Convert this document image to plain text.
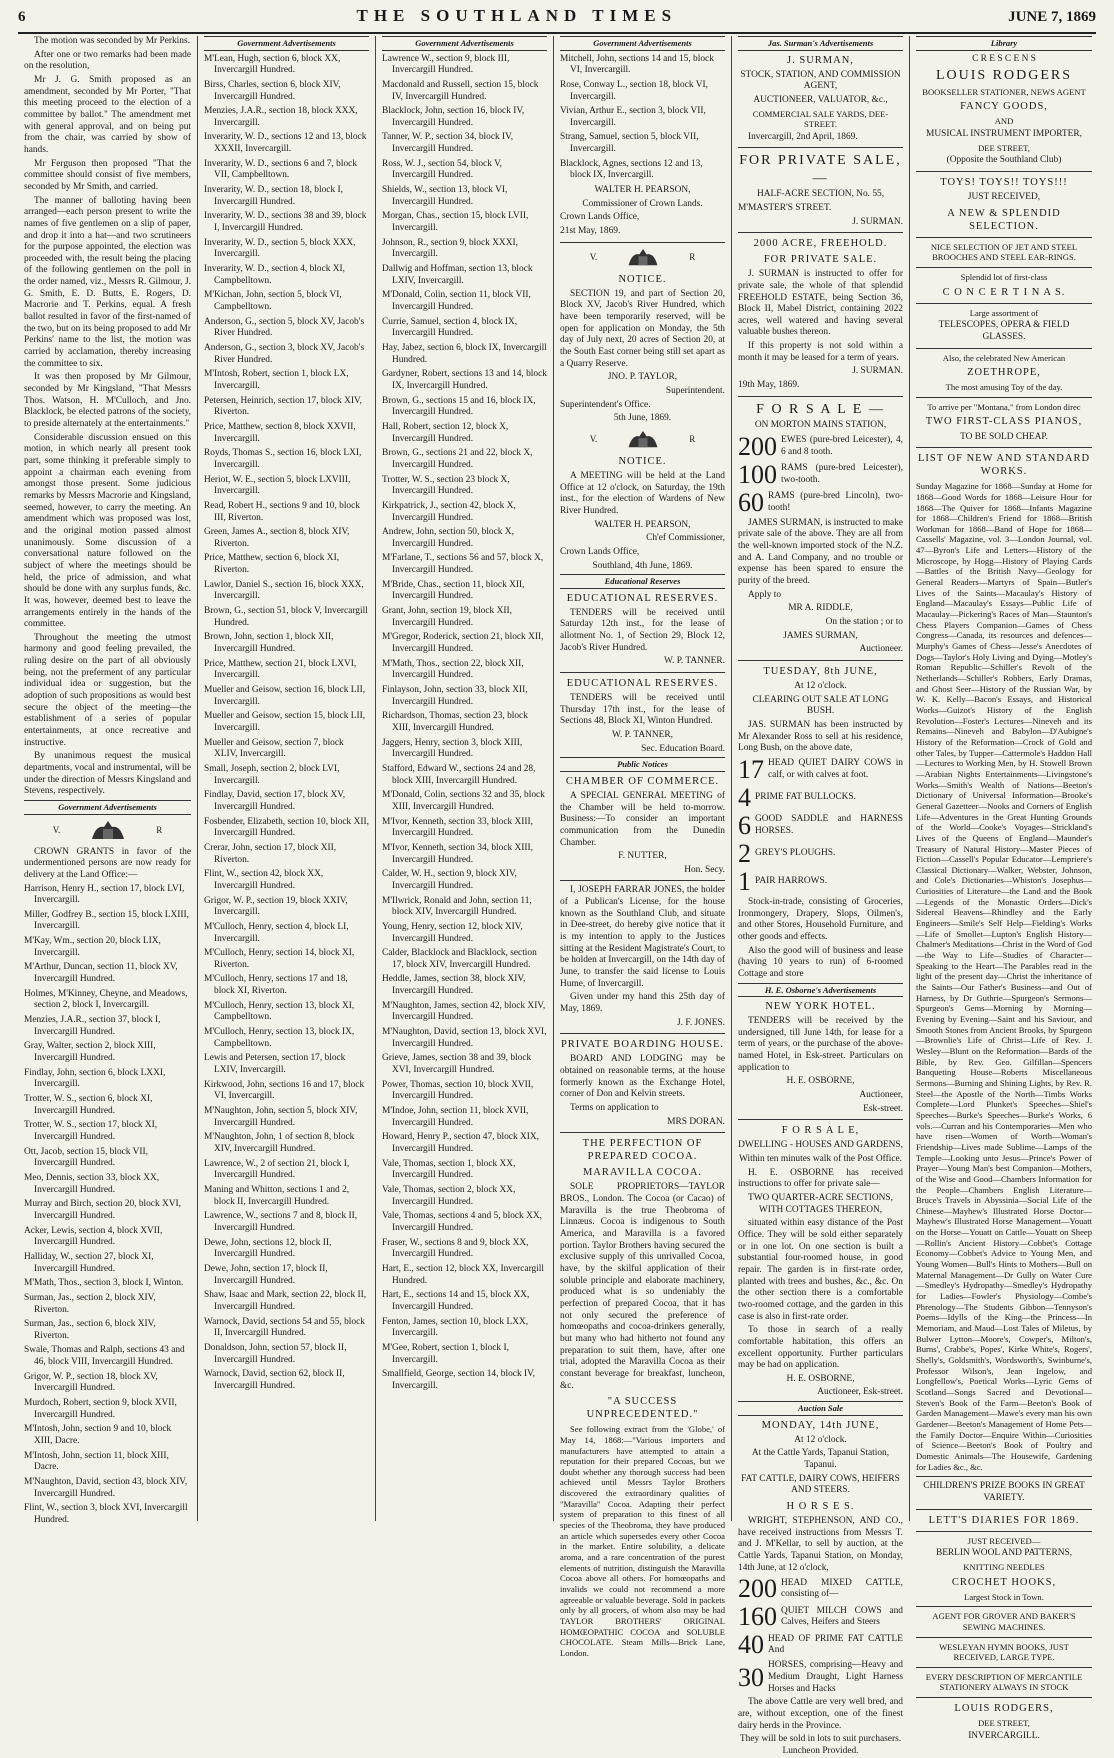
6	THE SOUTHLAND TIMES	JUNE 7, 1869

The motion was seconded by Mr Perkins.

After one or two remarks had been made on the resolution,

Mr J. G. Smith proposed as an amendment, seconded by Mr Porter, "That this meeting proceed to the election of a committee by ballot." The amendment met with general approval, and on being put from the chair, was carried by show of hands.

Mr Ferguson then proposed "That the committee should consist of five members, seconded by Mr Smith, and carried.

The manner of balloting having been arranged—each person present to write the names of five gentlemen on a slip of paper, and drop it into a hat—and two scrutineers for the purpose appointed, the election was proceeded with, the result being the placing of the following gentlemen on the poll in the order named, viz., Messrs R. Gilmour, J. G. Smith, E. D. Butts, E. Rogers, D. Macrorie and T. Perkins, equal. A fresh ballot resulted in favor of the first-named of the two, but on its being proposed to add Mr Perkins' name to the list, the motion was carried by acclamation, thereby increasing the committee to six.

It was then proposed by Mr Gilmour, seconded by Mr Kingsland, "That Messrs Thos. Watson, H. M'Culloch, and Jno. Blacklock, be elected patrons of the society, to preside alternately at the entertainments."

Considerable discussion ensued on this motion, in which nearly all present took part, some thinking it preferable simply to appoint a chairman each evening from amongst those present. Some judicious remarks by Messrs Macrorie and Kingsland, seemed, however, to carry the meeting. An amendment which was proposed was lost, and the original motion passed almost unanimously. Some discussion of a conversational nature followed on the subject of where the meetings should be held, the price of admission, and what should be done with any surplus funds, &c. It was, however, deemed best to leave the arrangements entirely in the hands of the committee.

Throughout the meeting the utmost harmony and good feeling prevailed, the ruling desire on the part of all obviously being, not the preferment of any particular individual idea or suggestion, but the adoption of such propositions as would best secure the object of the meeting—the establishment of a series of popular entertainments, at once recreative and instructive.

By unanimous request the musical departments, vocal and instrumental, will be under the direction of Messrs Kingsland and Stevens, respectively.

Government Advertisements
V.	R

CROWN GRANTS in favor of the undermentioned persons are now ready for delivery at the Land Office:—

Harrison, Henry H., section 17, block LVI, Invercargill.

Miller, Godfrey B., section 15, block LXIII, Invercargill.

M'Kay, Wm., section 20, block LIX, Invercargill.

M'Arthur, Duncan, section 11, block XV, Invercargill Hundred.

Holmes, M'Kinney, Cheyne, and Meadows, section 2, block I, Invercargill.

Menzies, J.A.R., section 37, block I, Invercargill Hundred.

Gray, Walter, section 2, block XIII, Invercargill Hundred.

Findlay, John, section 6, block LXXI, Invercargill.

Trotter, W. S., section 6, block XI, Invercargill Hundred.

Trotter, W. S., section 17, block XI, Invercargill Hundred.

Ott, Jacob, section 15, block VII, Invercargill Hundred.

Meo, Dennis, section 33, block XX, Invercargill Hundred.

Murray and Birch, section 20, block XVI, Invercargill Hundred.

Acker, Lewis, section 4, block XVII, Invercargill Hundred.

Halliday, W., section 27, block XI, Invercargill Hundred.

M'Math, Thos., section 3, block I, Winton.

Surman, Jas., section 2, block XIV, Riverton.

Surman, Jas., section 6, block XIV, Riverton.

Swale, Thomas and Ralph, sections 43 and 46, block VIII, Invercargill Hundred.

Grigor, W. P., section 18, block XV, Invercargill Hundred.

Murdoch, Robert, section 9, block XVII, Invercargill Hundred.

M'Intosh, John, section 9 and 10, block XIII, Dacre.

M'Intosh, John, section 11, block XIII, Dacre.

M'Naughton, David, section 43, block XIV, Invercargill Hundred.

Flint, W., section 3, block XVI, Invercargill Hundred.

Government Advertisements

M'Lean, Hugh, section 6, block XX, Invercargill Hundred.

Birss, Charles, section 6, block XIV, Invercargill Hundred.

Menzies, J.A.R., section 18, block XXX, Invercargill.

Inverarity, W. D., sections 12 and 13, block XXXII, Invercargill.

Inverarity, W. D., sections 6 and 7, block VII, Campbelltown.

Inverarity, W. D., section 18, block I, Invercargill Hundred.

Inverarity, W. D., sections 38 and 39, block I, Invercargill Hundred.

Inverarity, W. D., section 5, block XXX, Invercargill.

Inverarity, W. D., section 4, block XI, Campbelltown.

M'Kichan, John, section 5, block VI, Campbelltown.

Anderson, G., section 5, block XV, Jacob's River Hundred.

Anderson, G., section 3, block XV, Jacob's River Hundred.

M'Intosh, Robert, section 1, block LX, Invercargill.

Petersen, Heinrich, section 17, block XIV, Riverton.

Price, Matthew, section 8, block XXVII, Invercargill.

Royds, Thomas S., section 16, block LXI, Invercargill.

Heriot, W. E., section 5, block LXVIII, Invercargill.

Read, Robert H., sections 9 and 10, block III, Riverton.

Green, James A., section 8, block XIV, Riverton.

Price, Matthew, section 6, block XI, Riverton.

Lawlor, Daniel S., section 16, block XXX, Invercargill.

Brown, G., section 51, block V, Invercargill Hundred.

Brown, John, section 1, block XII, Invercargill Hundred.

Price, Matthew, section 21, block LXVI, Invercargill.

Mueller and Geisow, section 16, block LII, Invercargill.

Mueller and Geisow, section 15, block LII, Invercargill.

Mueller and Geisow, section 7, block XLIV, Invercargill.

Small, Joseph, section 2, block LVI, Invercargill.

Findlay, David, section 17, block XV, Invercargill Hundred.

Fosbender, Elizabeth, section 10, block XII, Invercargill Hundred.

Crerar, John, section 17, block XII, Riverton.

Flint, W., section 42, block XX, Invercargill Hundred.

Grigor, W. P., section 19, block XXIV, Invercargill.

M'Culloch, Henry, section 4, block LI, Invercargill.

M'Culloch, Henry, section 14, block XI, Riverton.

M'Culloch, Henry, sections 17 and 18, block XI, Riverton.

M'Culloch, Henry, section 13, block XI, Campbelltown.

M'Culloch, Henry, section 13, block IX, Campbelltown.

Lewis and Petersen, section 17, block LXIV, Invercargill.

Kirkwood, John, sections 16 and 17, block VI, Invercargill.

M'Naughton, John, section 5, block XIV, Invercargill Hundred.

M'Naughton, John, 1 of section 8, block XIV, Invercargill Hundred.

Lawrence, W., 2 of section 21, block I, Invercargill Hundred.

Maning and Whitton, sections 1 and 2, block II, Invercargill Hundred.

Lawrence, W., sections 7 and 8, block II, Invercargill Hundred.

Dewe, John, sections 12, block II, Invercargill Hundred.

Dewe, John, section 17, block II, Invercargill Hundred.

Shaw, Isaac and Mark, section 22, block II, Invercargill Hundred.

Warnock, David, sections 54 and 55, block II, Invercargill Hundred.

Donaldson, John, section 57, block II, Invercargill Hundred.

Warnock, David, section 62, block II, Invercargill Hundred.

Government Advertisements

Lawrence W., section 9, block III, Invercargill Hundred.

Macdonald and Russell, section 15, block IV, Invercargill Hundred.

Blacklock, John, section 16, block IV, Invercargill Hundred.

Tanner, W. P., section 34, block IV, Invercargill Hundred.

Ross, W. J., section 54, block V, Invercargill Hundred.

Shields, W., section 13, block VI, Invercargill Hundred.

Morgan, Chas., section 15, block LVII, Invercargill.

Johnson, R., section 9, block XXXI, Invercargill.

Dallwig and Hoffman, section 13, block LXIV, Invercargill.

M'Donald, Colin, section 11, block VII, Invercargill Hundred.

Currie, Samuel, section 4, block IX, Invercargill Hundred.

Hay, Jabez, section 6, block IX, Invercargill Hundred.

Gardyner, Robert, sections 13 and 14, block IX, Invercargill Hundred.

Brown, G., sections 15 and 16, block IX, Invercargill Hundred.

Hall, Robert, section 12, block X, Invercargill Hundred.

Brown, G., sections 21 and 22, block X, Invercargill Hundred.

Trotter, W. S., section 23 block X, Invercargill Hundred.

Kirkpatrick, J., section 42, block X, Invercargill Hundred.

Andrew, John, section 50, block X, Invercargill Hundred.

M'Farlane, T., sections 56 and 57, block X, Invercargill Hundred.

M'Bride, Chas., section 11, block XII, Invercargill Hundred.

Grant, John, section 19, block XII, Invercargill Hundred.

M'Gregor, Roderick, section 21, block XII, Invercargill Hundred.

M'Math, Thos., section 22, block XII, Invercargill Hundred.

Finlayson, John, section 33, block XII, Invercargill Hundred.

Richardson, Thomas, section 23, block XIII, Invercargill Hundred.

Jaggers, Henry, section 3, block XIII, Invercargill Hundred.

Stafford, Edward W., sections 24 and 28, block XIII, Invercargill Hundred.

M'Donald, Colin, sections 32 and 35, block XIII, Invercargill Hundred.

M'Ivor, Kenneth, section 33, block XIII, Invercargill Hundred.

M'Ivor, Kenneth, section 34, block XIII, Invercargill Hundred.

Calder, W. H., section 9, block XIV, Invercargill Hundred.

M'Ilwrick, Ronald and John, section 11, block XIV, Invercargill Hundred.

Young, Henry, section 12, block XIV, Invercargill Hundred.

Calder, Blacklock and Blacklock, section 17, block XIV, Invercargill Hundred.

Heddle, James, section 38, block XIV, Invercargill Hundred.

M'Naughton, James, section 42, block XIV, Invercargill Hundred.

M'Naughton, David, section 13, block XVI, Invercargill Hundred.

Grieve, James, section 38 and 39, block XVI, Invercargill Hundred.

Power, Thomas, section 10, block XVII, Invercargill Hundred.

M'Indoe, John, section 11, block XVII, Invercargill Hundred.

Howard, Henry P., section 47, block XIX, Invercargill Hundred.

Vale, Thomas, section 1, block XX, Invercargill Hundred.

Vale, Thomas, section 2, block XX, Invercargill Hundred.

Vale, Thomas, sections 4 and 5, block XX, Invercargill Hundred.

Fraser, W., sections 8 and 9, block XX, Invercargill Hundred.

Hart, E., section 12, block XX, Invercargill Hundred.

Hart, E., sections 14 and 15, block XX, Invercargill Hundred.

Fenton, James, section 10, block LXX, Invercargill.

M'Gee, Robert, section 1, block I, Invercargill.

Smallfield, George, section 14, block IV, Invercargill.

Government Advertisements

Mitchell, John, sections 14 and 15, block VI, Invercargill.

Rose, Conway L., section 18, block VI, Invercargill.

Vivian, Arthur E., section 3, block VII, Invercargill.

Strang, Samuel, section 5, block VII, Invercargill.

Blacklock, Agnes, sections 12 and 13, block IX, Invercargill.

WALTER H. PEARSON,

Commissioner of Crown Lands.

Crown Lands Office,

21st May, 1869.

V.	R

NOTICE.

SECTION 19, and part of Section 20, Block XV, Jacob's River Hundred, which have been temporarily reserved, will be open for application on Monday, the 5th day of July next, 20 acres of Section 20, at the South East corner being still set apart as a Quarry Reserve.

JNO. P. TAYLOR,

Superintendent.

Superintendent's Office.

5th June, 1869.

V.	R

NOTICE.

A MEETING will be held at the Land Office at 12 o'clock, on Saturday, the 19th inst., for the election of Wardens of New River Hundred.

WALTER H. PEARSON,

Ch'ef Commissioner,

Crown Lands Office,

Southland, 4th June, 1869.

Educational Reserves

EDUCATIONAL RESERVES.

TENDERS will be received until Saturday 12th inst., for the lease of allotment No. 1, of Section 29, Block 12, Jacob's River Hundred.

W. P. TANNER.

EDUCATIONAL RESERVES.

TENDERS will be received until Thursday 17th inst., for the lease of Sections 48, Block XI, Winton Hundred.

W. P. TANNER,

Sec. Education Board.

Public Notices

CHAMBER OF COMMERCE.

A SPECIAL GENERAL MEETING of the Chamber will be held to-morrow. Business:—To consider an important communication from the Dunedin Chamber.

F. NUTTER,

Hon. Secy.

I, JOSEPH FARRAR JONES, the holder of a Publican's License, for the house known as the Southland Club, and situate in Dee-street, do hereby give notice that it is my intention to apply to the Justices sitting at the Resident Magistrate's Court, to be holden at Invercargill, on the 14th day of June, to transfer the said license to Louis Hume, of Invercargill.

Given under my hand this 25th day of May, 1869.

J. F. JONES.

PRIVATE BOARDING HOUSE.

BOARD AND LODGING may be obtained on reasonable terms, at the house formerly known as the Exchange Hotel, corner of Don and Kelvin streets.

Terms on application to

MRS DORAN.

THE PERFECTION OF PREPARED COCOA.

MARAVILLA COCOA.

SOLE PROPRIETORS—TAYLOR BROS., London. The Cocoa (or Cacao) of Maravilla is the true Theobroma of Linnæus. Cocoa is indigenous to South America, and Maravilla is a favored portion. Taylor Brothers having secured the exclusive supply of this unrivalled Cocoa, have, by the skilful application of their soluble principle and elaborate machinery, produced what is so undeniably the perfection of prepared Cocoa, that it has not only secured the preference of homœopaths and cocoa-drinkers generally, but many who had hitherto not found any preparation to suit them, have, after one trial, adopted the Maravilla Cocoa as their constant beverage for breakfast, luncheon, &c.

"A SUCCESS UNPRECEDENTED."

See following extract from the 'Globe,' of May 14, 1868:—"Various importers and manufacturers have attempted to attain a reputation for their prepared Cocoas, but we doubt whether any thorough success had been achieved until Messrs Taylor Brothers discovered the extraordinary qualities of "Maravilla" Cocoa. Adapting their perfect system of preparation to this finest of all species of the Theobroma, they have produced an article which supersedes every other Cocoa in the market. Entire solubility, a delicate aroma, and a rare concentration of the purest elements of nutrition, distinguish the Maravilla Cocoa above all others. For homœopaths and invalids we could not recommend a more agreeable or valuable beverage. Sold in packets only by all grocers, of whom also may be had TAYLOR BROTHERS' ORIGINAL HOMŒOPATHIC COCOA and SOLUBLE CHOCOLATE. Steam Mills—Brick Lane, London.

Jas. Surman's Advertisements

J. SURMAN,

STOCK, STATION, AND COMMISSION AGENT,

AUCTIONEER, VALUATOR, &c.,

COMMERCIAL SALE YARDS, DEE-STREET.

Invercargill, 2nd April, 1869.

FOR PRIVATE SALE,—

HALF-ACRE SECTION, No. 55,

M'MASTER'S STREET.

J. SURMAN.

2000 ACRE, FREEHOLD.

FOR PRIVATE SALE.

J. SURMAN is instructed to offer for private sale, the whole of that splendid FREEHOLD ESTATE, being Section 36, Block II, Mabel District, containing 2022 acres, well watered and having several valuable bushes thereon.

If this property is not sold within a month it may be leased for a term of years.

J. SURMAN.

19th May, 1869.

F O R S A L E —

ON MORTON MAINS STATION,

200 EWES (pure-bred Leicester), 4, 6 and 8 tooth.
100 RAMS (pure-bred Leicester), two-tooth.
60 RAMS (pure-bred Lincoln), two-tooth!

JAMES SURMAN, is instructed to make private sale of the above. They are all from the well-known imported stock of the N.Z. and A. Land Company, and no trouble or expense has been spared to ensure the purity of the breed.

Apply to

MR A. RIDDLE,

On the station ; or to

JAMES SURMAN,

Auctioneer.

TUESDAY, 8th JUNE,

At 12 o'clock.

CLEARING OUT SALE AT LONG BUSH.

JAS. SURMAN has been instructed by Mr Alexander Ross to sell at his residence, Long Bush, on the above date,

17 HEAD QUIET DAIRY COWS in calf, or with calves at foot.
4 PRIME FAT BULLOCKS.
6 GOOD SADDLE and HARNESS HORSES.
2 GREY'S PLOUGHS.
1 PAIR HARROWS.

Stock-in-trade, consisting of Groceries, Ironmongery, Drapery, Slops, Oilmen's, and other Stores, Household Furniture, and other goods and effects.

Also the good will of business and lease (having 10 years to run) of 6-roomed Cottage and store

H. E. Osborne's Advertisements

NEW YORK HOTEL.

TENDERS will be received by the undersigned, till June 14th, for lease for a term of years, or the purchase of the above-named Hotel, in Esk-street. Particulars on application to

H. E. OSBORNE,

Auctioneer,

Esk-street.

F O R S A L E,

DWELLING - HOUSES AND GARDENS,

Within ten minutes walk of the Post Office.

H. E. OSBORNE has received instructions to offer for private sale—

TWO QUARTER-ACRE SECTIONS, WITH COTTAGES THEREON,

situated within easy distance of the Post Office. They will be sold either separately or in one lot. On one section is built a substantial four-roomed house, in good repair. The garden is in first-rate order, planted with trees and bushes, &c., &c. On the other section there is a comfortable two-roomed cottage, and the garden in this case is also in first-rate order.

To those in search of a really comfortable habitation, this offers an excellent opportunity. Further particulars may be had on application.

H. E. OSBORNE,

Auctioneer, Esk-street.

Auction Sale

MONDAY, 14th JUNE,

At 12 o'clock.

At the Cattle Yards, Tapanui Station, Tapanui.

FAT CATTLE, DAIRY COWS, HEIFERS AND STEERS.

H O R S E S.

WRIGHT, STEPHENSON, AND CO., have received instructions from Messrs T. and J. M'Kellar, to sell by auction, at the Cattle Yards, Tapanui Station, on Monday, 14th June, at 12 o'clock,

200 HEAD MIXED CATTLE, consisting of—
160 QUIET MILCH COWS and Calves, Heifers and Steers
40 HEAD OF PRIME FAT CATTLE And
30 HORSES, comprising—Heavy and Medium Draught, Light Harness Horses and Hacks

The above Cattle are very well bred, and are, without exception, one of the finest dairy herds in the Province.

They will be sold in lots to suit purchasers. Luncheon Provided.

Library

C R E S C E N S

LOUIS RODGERS

BOOKSELLER STATIONER, NEWS AGENT

FANCY GOODS,

AND

MUSICAL INSTRUMENT IMPORTER,

DEE STREET,

(Opposite the Southland Club)

TOYS! TOYS!! TOYS!!!

JUST RECEIVED,

A NEW & SPLENDID SELECTION.

NICE SELECTION OF JET AND STEEL BROOCHES AND STEEL EAR-RINGS.

Splendid lot of first-class

C O N C E R T I N A S.

Large assortment of

TELESCOPES, OPERA & FIELD GLASSES.

Also, the celebrated New American

ZOETHROPE,

The most amusing Toy of the day.

To arrive per "Montana," from London direc

TWO FIRST-CLASS PIANOS,

TO BE SOLD CHEAP.

LIST OF NEW AND STANDARD WORKS.

Sunday Magazine for 1868—Sunday at Home for 1868—Good Words for 1868—Leisure Hour for 1868—The Quiver for 1868—Infants Magazine for 1868—Children's Friend for 1868—British Workman for 1868—Band of Hope for 1868—Cassells' Magazine, vol. 3—London Journal, vol. 47—Byron's Life and Letters—History of the Microscope, by Hogg—History of Playing Cards—Battles of the British Navy—Geology for General Readers—Martyrs of Spain—Butler's Lives of the Saints—Macaulay's History of England—Macaulay's Essays—Public Life of Macaulay—Pickering's Races of Man—Staunton's Chess Players Companion—Games of Chess Congress—Canada, its resources and defences—Murphy's Games of Chess—Jesse's Anecdotes of Dogs—Taylor's Holy Living and Dying—Motley's Roman Republic—Schiller's Revolt of the Netherlands—Schiller's Robbers, Early Dramas, and Ghost Seer—History of the Russian War, by W. K. Kelly—Bacon's Essays, and Historical Works—Guizot's History of the English Revolution—Foster's Lectures—Nineveh and its Remains—Nineveh and Babylon—D'Aubigne's History of the Reformation—Crock of Gold and other Tales, by Tupper—Cattermole's Haddon Hall—Lectures to Working Men, by H. Stowell Brown—Arabian Nights Entertainments—Livingstone's Works—Smith's Wealth of Nations—Beeton's Dictionary of Universal Information—Brooke's General Gazetteer—Nooks and Corners of English Life—Adventures in the Great Hunting Grounds of the World—Cooke's Voyages—Strickland's Lives of the Queens of England—Maunder's Treasury of Natural History—Master Pieces of Fiction—Cassell's Popular Educator—Lempriere's Classical Dictionary—Walker, Webster, Johnson, and Cole's Dictionaries—Whiston's Josephus—Curiosities of Literature—the Land and the Book—Legends of the Monastic Orders—Dick's Sidereal Heavens—Rhindley and the Early Engineers—Smile's Self Help—Fielding's Works—Life of Smollet—Lupton's English History—Chalmer's Meditations—Christ in the Word of God—the Way to Life—Studies of Character—Speaking to the Heart—The Parables read in the light of the present day—Christ the inheritance of the Saints—Our Father's Business—and Out of Harness, by Dr Guthrie—Spurgeon's Sermons—Spurgeon's Gems—Morning by Morning—Evening by Evening—Saint and his Saviour, and Smooth Stones from Ancient Brooks, by Spurgeon—Brownlie's Life of Christ—Life of Rev. J. Wesley—Blunt on the Reformation—Bards of the Bible, by Rev. Geo. Gilfillan—Spencers Banqueting House—Roberts Miscellaneous Sermons—Burning and Shining Lights, by Rev. R. Steel—the Apostle of the North—Timbs Works Complete—Lord Plunket's Speeches—Shiel's Speeches—Burke's Speeches—Burke's Works, 6 vols.—Curran and his Contemporaries—Men who have risen—Women of Worth—Woman's Friendship—Lives made Sublime—Lamps of the Temple—Looking unto Jesus—Prince's Power of Prayer—Young Man's best Companion—Mothers, of the Wise and Good—Chambers Information for the People—Chambers English Literature—Bruce's Travels in Abyssinia—Social Life of the Chinese—Mayhew's Illustrated Horse Doctor—Mayhew's Illustrated Horse Management—Youatt on the Horse—Youatt on Cattle—Youatt on Sheep—Rollin's Ancient History—Cobbet's Cottage Economy—Cobbet's Advice to Young Men, and Young Women—Bull's Hints to Mothers—Bull on Maternal Management—Dr Gully on Water Cure—Smedley's Hydropathy—Smedley's Hydropathy for Ladies—Fowler's Physiology—Combe's Phrenology—The Students Gibbon—Tennyson's Poems—Idylls of the King—the Princess—In Memoriam, and Maud—Lost Tales of Miletus, by Bulwer Lytton—Moore's, Cowper's, Milton's, Burns', Crabbe's, Popes', Kirke White's, Rogers', Shelly's, Goldsmith's, Wordsworth's, Swinburne's, Professor Wilson's, Jean Ingelow, and Longfellow's, Poetical Works—Lyric Gems of Scotland—Songs Sacred and Devotional—Steven's Book of the Farm—Beeton's Book of Garden Management—Mawe's every man his own Gardener—Beeton's Management of Home Pets—the Family Doctor—Enquire Within—Curiosities of Science—Beeton's Book of Poultry and Domestic Animals—The Housewife, Gardening for Ladies &c., &c.

CHILDREN'S PRIZE BOOKS IN GREAT VARIETY.

LETT'S DIARIES FOR 1869.

JUST RECEIVED—

BERLIN WOOL AND PATTERNS,

KNITTING NEEDLES

CROCHET HOOKS,

Largest Stock in Town.

AGENT FOR GROVER AND BAKER'S SEWING MACHINES.

WESLEYAN HYMN BOOKS, JUST RECEIVED, LARGE TYPE.

EVERY DESCRIPTION OF MERCANTILE STATIONERY ALWAYS IN STOCK

LOUIS RODGERS,

DEE STREET,

INVERCARGILL.
